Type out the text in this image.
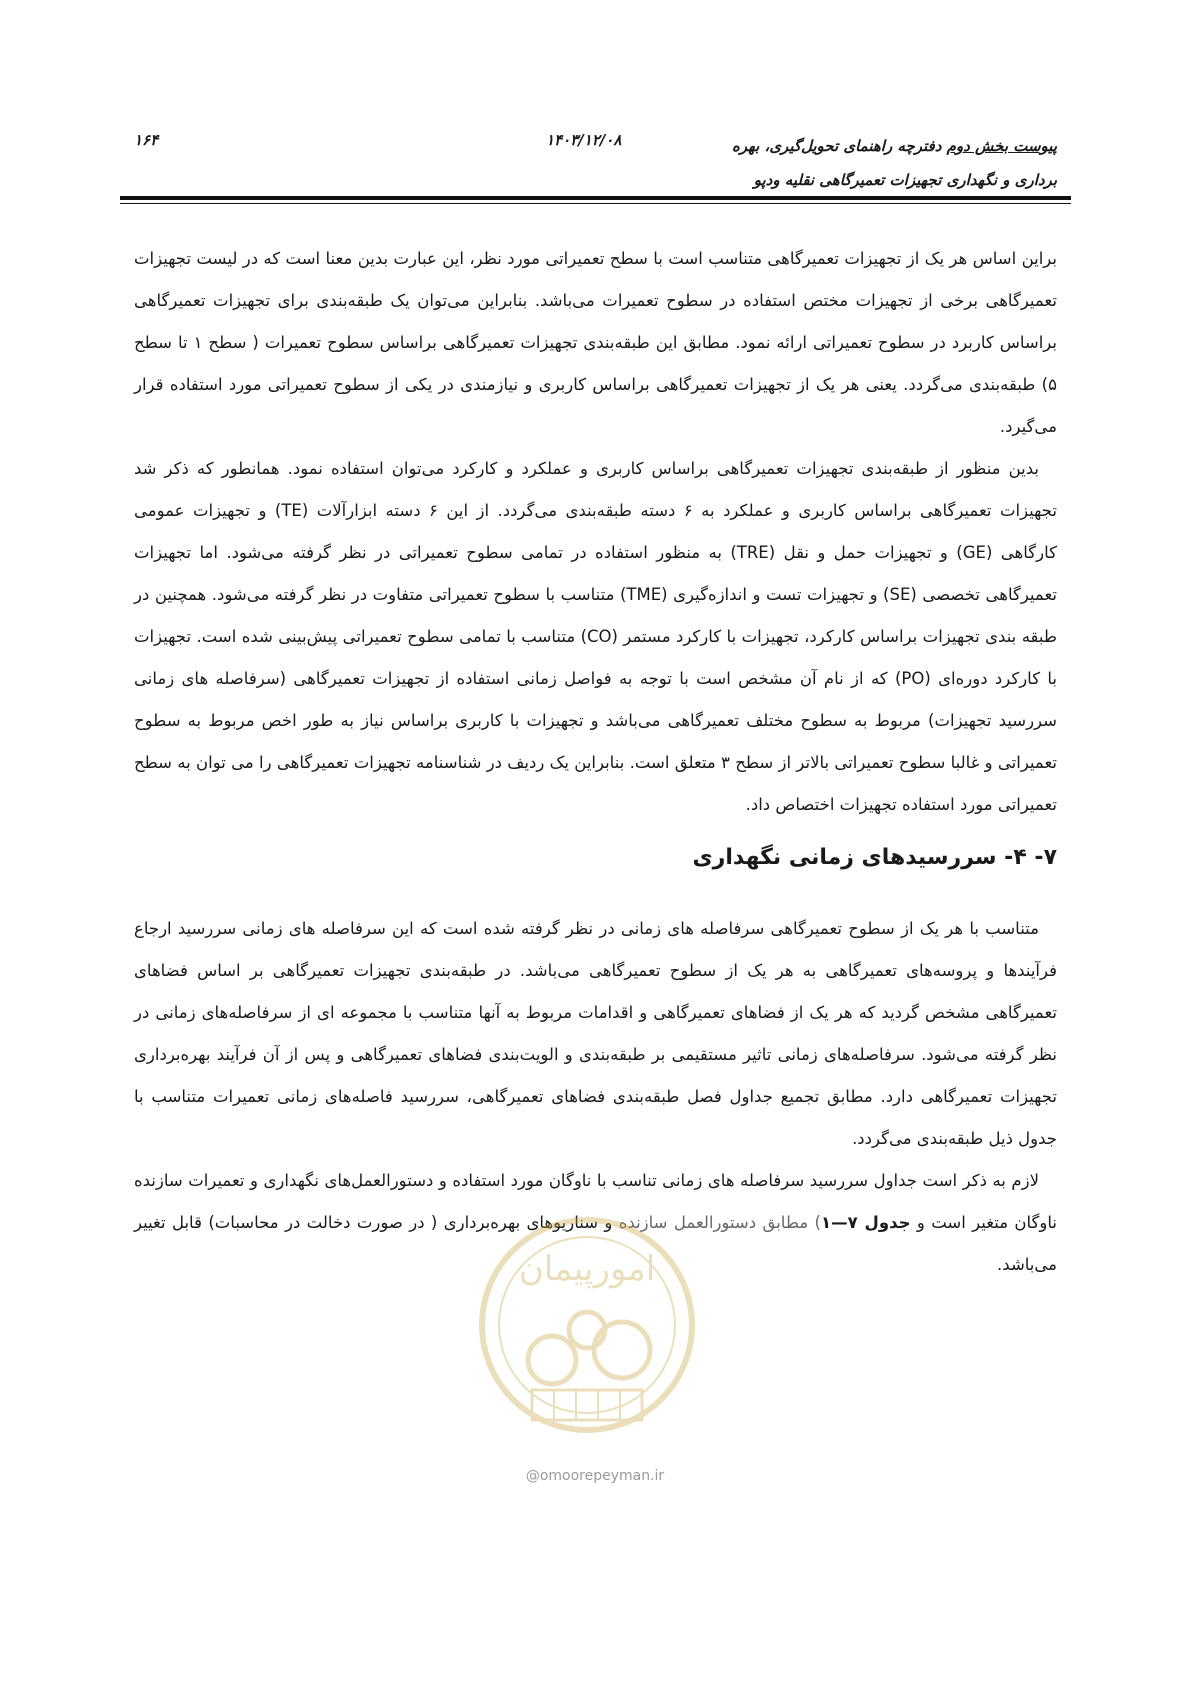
۱۶۴	۱۴۰۳/۱۲/۰۸	پیوست بخش دوم دفترچه راهنمای تحویل‌گیری، بهره
برداری و نگهداری تجهیزات تعمیرگاهی نقلیه ودپو

براین اساس هر یک از تجهیزات تعمیرگاهی متناسب است با سطح تعمیراتی مورد نظر، این عبارت بدین معنا است که در لیست تجهیزات تعمیرگاهی برخی از تجهیزات مختص استفاده در سطوح تعمیرات می‌باشد. بنابراین می‌توان یک طبقه‌بندی برای تجهیزات تعمیرگاهی براساس کاربرد در سطوح تعمیراتی ارائه نمود. مطابق این طبقه‌بندی تجهیزات تعمیرگاهی براساس سطوح تعمیرات ( سطح ۱ تا سطح ۵) طبقه‌بندی می‌گردد. یعنی هر یک از تجهیزات تعمیرگاهی براساس کاربری و نیازمندی در یکی از سطوح تعمیراتی مورد استفاده قرار می‌گیرد.

بدین منظور از طبقه‌بندی تجهیزات تعمیرگاهی براساس کاربری و عملکرد و کارکرد می‌توان استفاده نمود. همانطور که ذکر شد تجهیزات تعمیرگاهی براساس کاربری و عملکرد به ۶ دسته طبقه‌بندی می‌گردد. از این ۶ دسته ابزارآلات (TE) و تجهیزات عمومی کارگاهی (GE) و تجهیزات حمل و نقل (TRE) به منظور استفاده در تمامی سطوح تعمیراتی در نظر گرفته می‌شود. اما تجهیزات تعمیرگاهی تخصصی (SE) و تجهیزات تست و اندازه‌گیری (TME) متناسب با سطوح تعمیراتی متفاوت در نظر گرفته می‌شود. همچنین در طبقه بندی تجهیزات براساس کارکرد، تجهیزات با کارکرد مستمر (CO) متناسب با تمامی سطوح تعمیراتی پیش‌بینی شده است. تجهیزات با کارکرد دوره‌ای (PO) که از نام آن مشخص است با توجه به فواصل زمانی استفاده از تجهیزات تعمیرگاهی (سرفاصله های زمانی سررسید تجهیزات) مربوط به سطوح مختلف تعمیرگاهی می‌باشد و تجهیزات با کاربری براساس نیاز به طور اخص مربوط به سطوح تعمیراتی و غالبا سطوح تعمیراتی بالاتر از سطح ۳ متعلق است. بنابراین یک ردیف در شناسنامه تجهیزات تعمیرگاهی را می توان به سطح تعمیراتی مورد استفاده تجهیزات اختصاص داد.

۷- ۴- سررسیدهای زمانی نگهداری

متناسب با هر یک از سطوح تعمیرگاهی سرفاصله های زمانی در نظر گرفته شده است که این سرفاصله های زمانی سررسید ارجاع فرآیندها و پروسه‌های تعمیرگاهی به هر یک از سطوح تعمیرگاهی می‌باشد. در طبقه‌بندی تجهیزات تعمیرگاهی بر اساس فضاهای تعمیرگاهی مشخص گردید که هر یک از فضاهای تعمیرگاهی و اقدامات مربوط به آنها متناسب با مجموعه ای از سرفاصله‌های زمانی در نظر گرفته می‌شود. سرفاصله‌های زمانی تاثیر مستقیمی بر طبقه‌بندی و الویت‌بندی فضاهای تعمیرگاهی و پس از آن فرآیند بهره‌برداری تجهیزات تعمیرگاهی دارد. مطابق تجمیع جداول فصل طبقه‌بندی فضاهای تعمیرگاهی، سررسید فاصله‌های زمانی تعمیرات متناسب با جدول ذیل طبقه‌بندی می‌گردد.

لازم به ذکر است جداول سررسید سرفاصله های زمانی تناسب با ناوگان مورد استفاده و دستورالعمل‌های نگهداری و تعمیرات سازنده ناوگان متغیر است و جدول ۷—۱) مطابق دستورالعمل سازنده و سناریوهای بهره‌برداری ( در صورت دخالت در محاسبات) قابل تغییر می‌باشد.

امورپیمان
@omoorepeyman.ir
